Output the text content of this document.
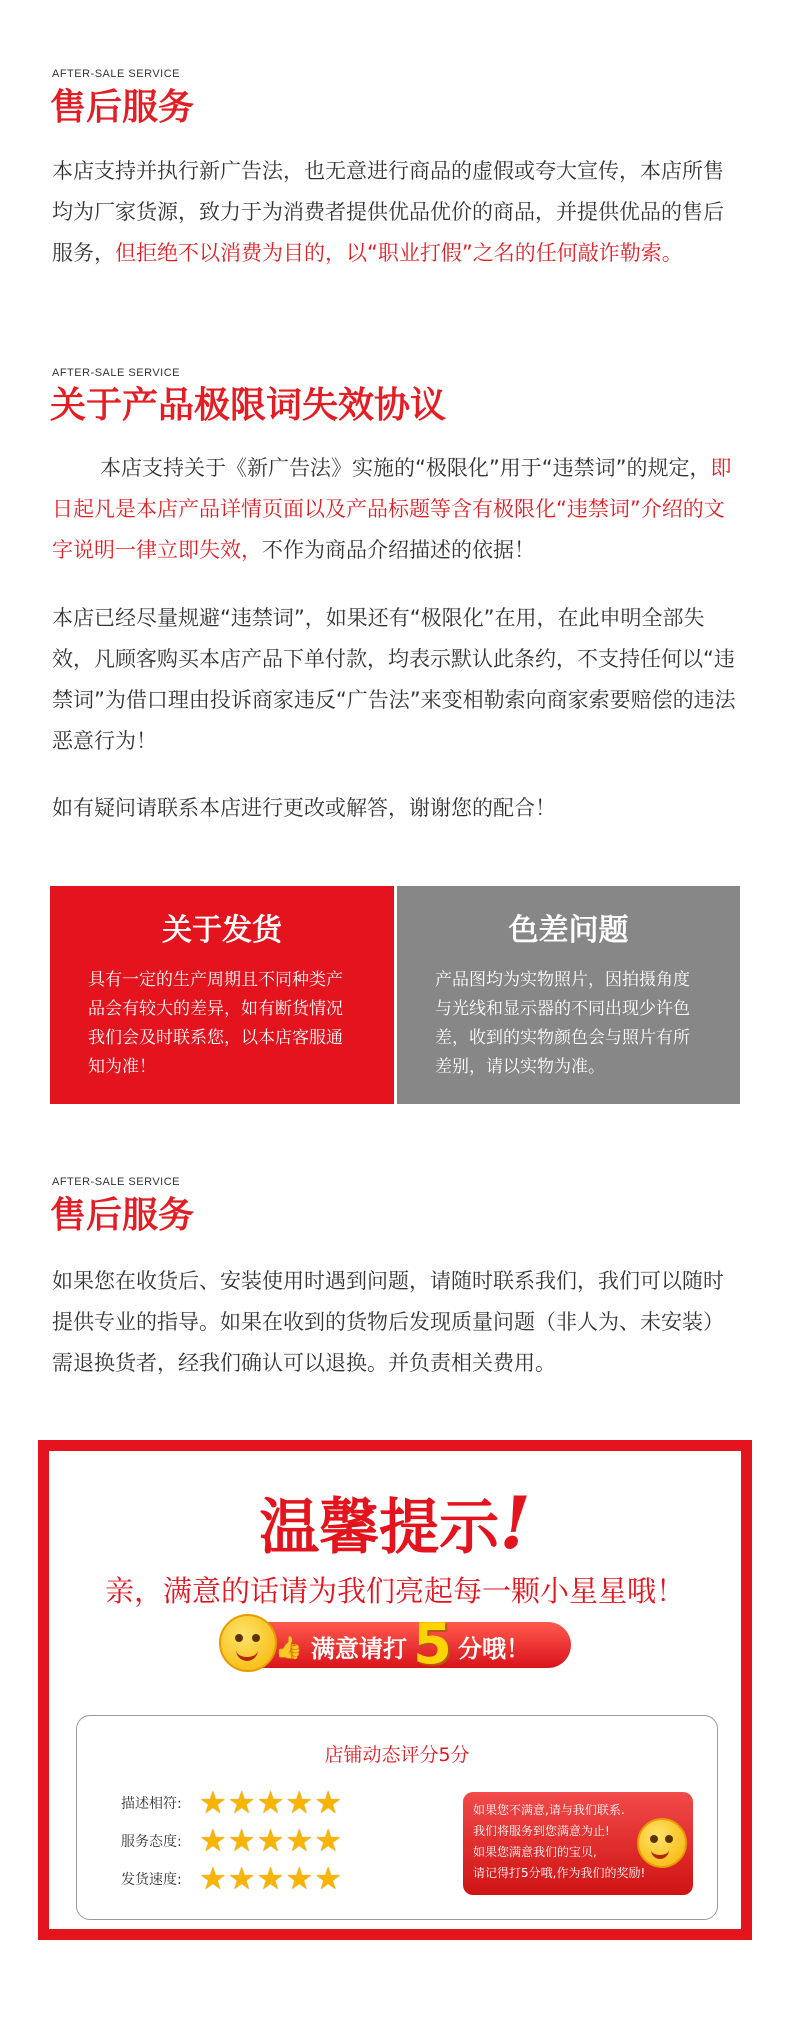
AFTER-SALE SERVICE
售后服务

本店支持并执行新广告法，也无意进行商品的虚假或夸大宣传，本店所售均为厂家货源，致力于为消费者提供优品优价的商品，并提供优品的售后服务，但拒绝不以消费为目的，以“职业打假”之名的任何敲诈勒索。

AFTER-SALE SERVICE
关于产品极限词失效协议

本店支持关于《新广告法》实施的“极限化”用于“违禁词”的规定，即日起凡是本店产品详情页面以及产品标题等含有极限化“违禁词”介绍的文字说明一律立即失效，不作为商品介绍描述的依据！

本店已经尽量规避“违禁词”，如果还有“极限化”在用，在此申明全部失效，凡顾客购买本店产品下单付款，均表示默认此条约，不支持任何以“违禁词”为借口理由投诉商家违反“广告法”来变相勒索向商家索要赔偿的违法恶意行为！

如有疑问请联系本店进行更改或解答，谢谢您的配合！

关于发货

具有一定的生产周期且不同种类产品会有较大的差异，如有断货情况我们会及时联系您，以本店客服通知为准！

色差问题

产品图均为实物照片，因拍摄角度与光线和显示器的不同出现少许色差，收到的实物颜色会与照片有所差别，请以实物为准。

AFTER-SALE SERVICE
售后服务

如果您在收货后、安装使用时遇到问题，请随时联系我们，我们可以随时提供专业的指导。如果在收到的货物后发现质量问题（非人为、未安装）需退换货者，经我们确认可以退换。并负责相关费用。

温馨提示!

亲，满意的话请为我们亮起每一颗小星星哦！

👍 满意请打 5 分哦！

店铺动态评分5分

描述相符: ★ ★ ★ ★ ★
服务态度: ★ ★ ★ ★ ★
发货速度: ★ ★ ★ ★ ★

如果您不满意,请与我们联系.

我们将服务到您满意为止!

如果您满意我们的宝贝,

请记得打5分哦,作为我们的奖励!
